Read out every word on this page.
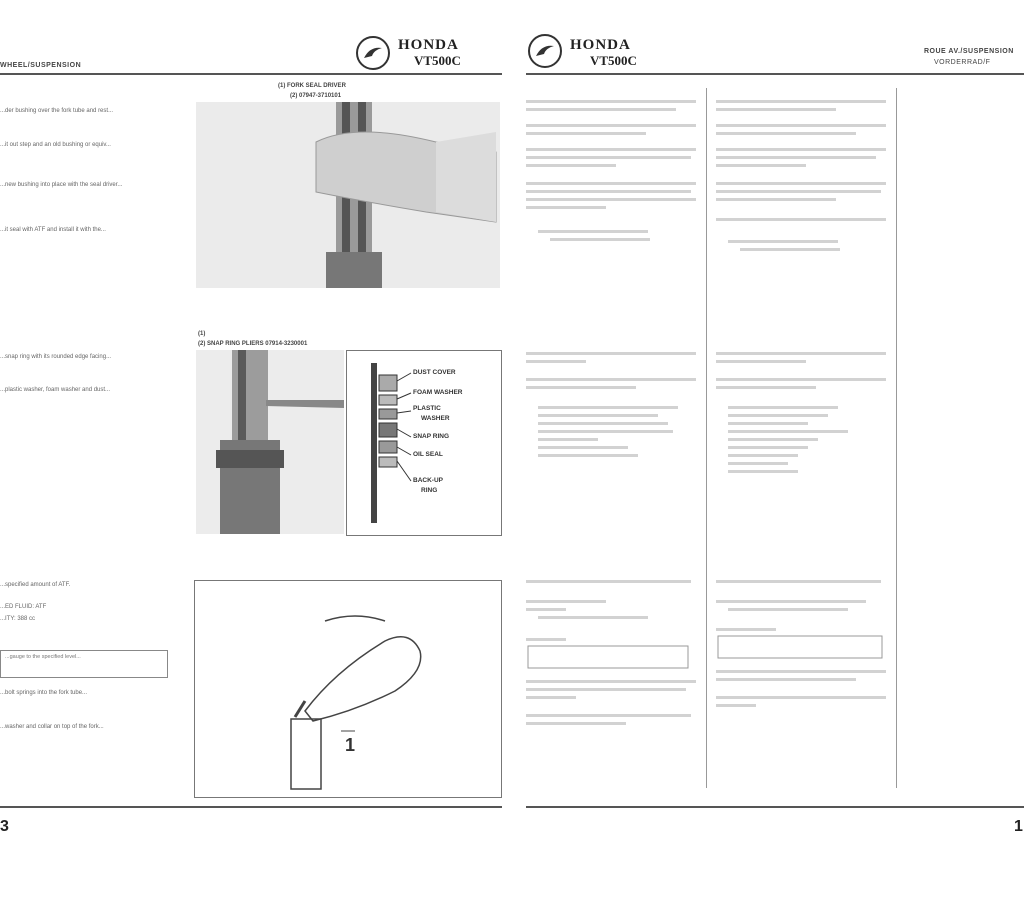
WHEEL/SUSPENSION
HONDA
VT500C
HONDA
VT500C
ROUE AV./SUSPENSION
VORDERRAD/F
...der bushing over the fork tube and rest...
...it out step and an old bushing or equiv...
...new bushing into place with the seal driver...
...it seal with ATF and install it with the...
...snap ring with its rounded edge facing...
...plastic washer, foam washer and dust...
...specified amount of ATF.
...ED FLUID: ATF
...ITY: 388 cc
...gauge to the specified level...
...bolt springs into the fork tube...
...washer and collar on top of the fork...
(1) FORK SEAL DRIVER
(2) 07947-3710101
(1)
(2) SNAP RING PLIERS 07914-3230001
DUST COVER
FOAM WASHER
PLASTIC
WASHER
SNAP RING
OIL SEAL
BACK-UP
RING
1
3	1
